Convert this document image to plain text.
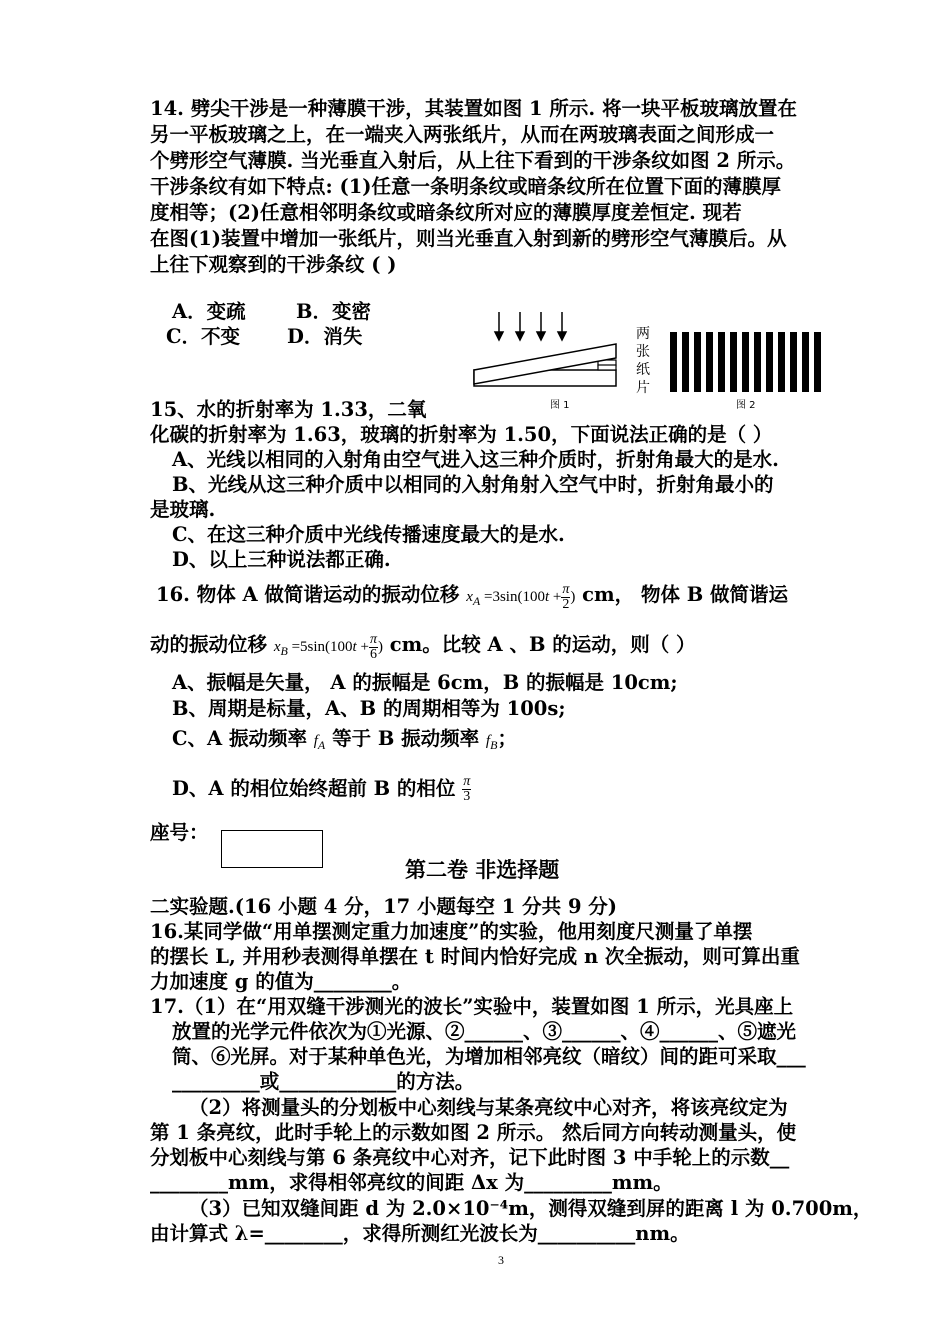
14. 劈尖干涉是一种薄膜干涉，其装置如图 1 所示. 将一块平板玻璃放置在
另一平板玻璃之上，在一端夹入两张纸片，从而在两玻璃表面之间形成一
个劈形空气薄膜. 当光垂直入射后，从上往下看到的干涉条纹如图 2 所示。
干涉条纹有如下特点: (1)任意一条明条纹或暗条纹所在位置下面的薄膜厚
度相等；(2)任意相邻明条纹或暗条纹所对应的薄膜厚度差恒定. 现若
在图(1)装置中增加一张纸片，则当光垂直入射到新的劈形空气薄膜后。从
上往下观察到的干涉条纹 ( )
A．变疏	B．变密
C．不变 D．消失	两
张
纸
片
图 1	图 2
15、水的折射率为 1.33，二氧
化碳的折射率为 1.63，玻璃的折射率为 1.50，下面说法正确的是（ ）
A、光线以相同的入射角由空气进入这三种介质时，折射角最大的是水.
B、光线从这三种介质中以相同的入射角射入空气中时，折射角最小的
是玻璃.
C、在这三种介质中光线传播速度最大的是水.
D、以上三种说法都正确.
16. 物体 A 做简谐运动的振动位移 $x_A =3\sin(100t + \frac{\pi}{2}$ ) cm， 物体 B 做简谐运
动的振动位移 $x_B =5\sin(100t + \frac{\pi}{6}$ ) cm。比较 A 、B 的运动，则（ ）
A、振幅是矢量， A 的振幅是 6cm，B 的振幅是 10cm;
B、周期是标量，A、B 的周期相等为 100s;
C、A 振动频率 $f_A$ 等于 B 振动频率 $f_B$；
D、A 的相位始终超前 B 的相位 $\frac{\pi}{3}$
座号：
第二卷 非选择题
二实验题.(16 小题 4 分，17 小题每空 1 分共 9 分)
16.某同学做“用单摆测定重力加速度”的实验，他用刻度尺测量了单摆
的摆长 L, 并用秒表测得单摆在 t 时间内恰好完成 n 次全振动，则可算出重
力加速度 g 的值为________。
17.（1）在“用双缝干涉测光的波长”实验中，装置如图 1 所示，光具座上
放置的光学元件依次为①光源、②______、③______、④______、⑤遮光
筒、⑥光屏。对于某种单色光，为增加相邻亮纹（暗纹）间的距可采取___
_________或____________的方法。
（2）将测量头的分划板中心刻线与某条亮纹中心对齐，将该亮纹定为
第 1 条亮纹，此时手轮上的示数如图 2 所示。 然后同方向转动测量头，使
分划板中心刻线与第 6 条亮纹中心对齐，记下此时图 3 中手轮上的示数__
________mm，求得相邻亮纹的间距 Δx 为_________mm。
（3）已知双缝间距 d 为 2.0×10⁻⁴m，测得双缝到屏的距离 l 为 0.700m，
由计算式 λ=________，求得所测红光波长为__________nm。
3
